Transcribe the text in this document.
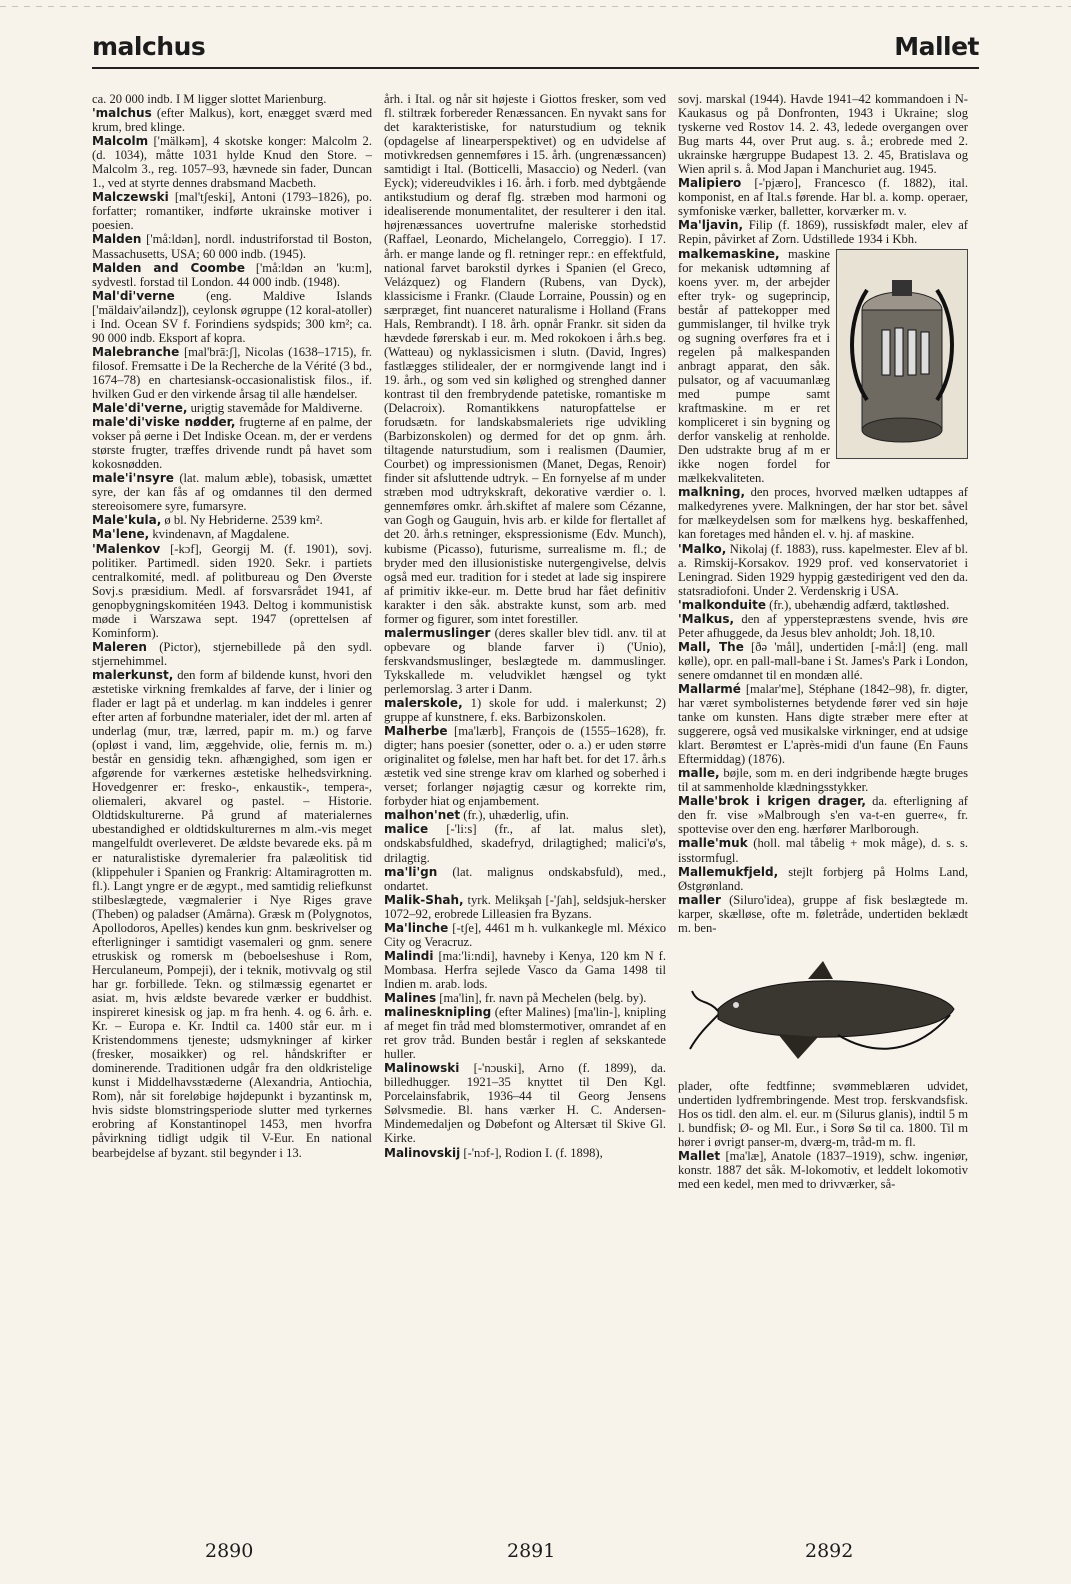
malchus	Mallet

ca. 20 000 indb. I M ligger slottet Marienburg.

'malchus (efter Malkus), kort, enægget sværd med krum, bred klinge.

Malcolm ['mälkəm], 4 skotske konger: Malcolm 2. (d. 1034), måtte 1031 hylde Knud den Store. – Malcolm 3., reg. 1057–93, hævnede sin fader, Duncan 1., ved at styrte dennes drabsmand Macbeth.

Malczewski [mal'tʃeski], Antoni (1793–1826), po. forfatter; romantiker, indførte ukrainske motiver i poesien.

Malden ['må:ldən], nordl. industriforstad til Boston, Massachusetts, USA; 60 000 indb. (1945).

Malden and Coombe ['må:ldən ən 'ku:m], sydvestl. forstad til London. 44 000 indb. (1948).

Mal'di'verne (eng. Maldive Islands ['mäldaiv'ailəndz]), ceylonsk øgruppe (12 koral-atoller) i Ind. Ocean SV f. Forindiens sydspids; 300 km²; ca. 90 000 indb. Eksport af kopra.

Malebranche [mal'brā:ʃ], Nicolas (1638–1715), fr. filosof. Fremsatte i De la Recherche de la Vérité (3 bd., 1674–78) en chartesiansk-occasionalistisk filos., if. hvilken Gud er den virkende årsag til alle hændelser.

Male'di'verne, urigtig stavemåde for Maldiverne.

male'di'viske nødder, frugterne af en palme, der vokser på øerne i Det Indiske Ocean. m, der er verdens største frugter, træffes drivende rundt på havet som kokosnødden.

male'i'nsyre (lat. malum æble), tobasisk, umættet syre, der kan fås af og omdannes til den dermed stereoisomere syre, fumarsyre.

Male'kula, ø bl. Ny Hebriderne. 2539 km².

Ma'lene, kvindenavn, af Magdalene.

'Malenkov [-kɔf], Georgij M. (f. 1901), sovj. politiker. Partimedl. siden 1920. Sekr. i partiets centralkomité, medl. af politbureau og Den Øverste Sovj.s præsidium. Medl. af forsvarsrådet 1941, af genopbygningskomitéen 1943. Deltog i kommunistisk møde i Warszawa sept. 1947 (oprettelsen af Kominform).

Maleren (Pictor), stjernebillede på den sydl. stjernehimmel.

malerkunst, den form af bildende kunst, hvori den æstetiske virkning fremkaldes af farve, der i linier og flader er lagt på et underlag. m kan inddeles i genrer efter arten af forbundne materialer, idet der ml. arten af underlag (mur, træ, lærred, papir m. m.) og farve (opløst i vand, lim, æggehvide, olie, fernis m. m.) består en gensidig tekn. afhængighed, som igen er afgørende for værkernes æstetiske helhedsvirkning. Hovedgenrer er: fresko-, enkaustik-, tempera-, oliemaleri, akvarel og pastel. – Historie. Oldtidskulturerne. På grund af materialernes ubestandighed er oldtidskulturernes m alm.-vis meget mangelfuldt overleveret. De ældste bevarede eks. på m er naturalistiske dyremalerier fra palæolitisk tid (klippehuler i Spanien og Frankrig: Altamiragrotten m. fl.). Langt yngre er de ægypt., med samtidig reliefkunst stilbeslægtede, vægmalerier i Nye Riges grave (Theben) og paladser (Amârna). Græsk m (Polygnotos, Apollodoros, Apelles) kendes kun gnm. beskrivelser og efterligninger i samtidigt vasemaleri og gnm. senere etruskisk og romersk m (beboelseshuse i Rom, Herculaneum, Pompeji), der i teknik, motivvalg og stil har gr. forbillede. Tekn. og stilmæssig egenartet er asiat. m, hvis ældste bevarede værker er buddhist. inspireret kinesisk og jap. m fra henh. 4. og 6. årh. e. Kr. – Europa e. Kr. Indtil ca. 1400 står eur. m i Kristendommens tjeneste; udsmykninger af kirker (fresker, mosaikker) og rel. håndskrifter er dominerende. Traditionen udgår fra den oldkristelige kunst i Middelhavsstæderne (Alexandria, Antiochia, Rom), når sit foreløbige højdepunkt i byzantinsk m, hvis sidste blomstringsperiode slutter med tyrkernes erobring af Konstantinopel 1453, men hvorfra påvirkning tidligt udgik til V-Eur. En national bearbejdelse af byzant. stil begynder i 13.

årh. i Ital. og når sit højeste i Giottos fresker, som ved fl. stiltræk forbereder Renæssancen. En nyvakt sans for det karakteristiske, for naturstudium og teknik (opdagelse af linearperspektivet) og en udvidelse af motivkredsen gennemføres i 15. årh. (ungrenæssancen) samtidigt i Ital. (Botticelli, Masaccio) og Nederl. (van Eyck); videreudvikles i 16. årh. i forb. med dybtgående antikstudium og deraf flg. stræben mod harmoni og idealiserende monumentalitet, der resulterer i den ital. højrenæssances uovertrufne maleriske storhedstid (Raffael, Leonardo, Michelangelo, Correggio). I 17. årh. er mange lande og fl. retninger repr.: en effektfuld, national farvet barokstil dyrkes i Spanien (el Greco, Velázquez) og Flandern (Rubens, van Dyck), klassicisme i Frankr. (Claude Lorraine, Poussin) og en særpræget, fint nuanceret naturalisme i Holland (Frans Hals, Rembrandt). I 18. årh. opnår Frankr. sit siden da hævdede førerskab i eur. m. Med rokokoen i årh.s beg. (Watteau) og nyklassicismen i slutn. (David, Ingres) fastlægges stilidealer, der er normgivende langt ind i 19. årh., og som ved sin kølighed og strenghed danner kontrast til den frembrydende patetiske, romantiske m (Delacroix). Romantikkens naturopfattelse er forudsætn. for landskabsmaleriets rige udvikling (Barbizonskolen) og dermed for det op gnm. årh. tiltagende naturstudium, som i realismen (Daumier, Courbet) og impressionismen (Manet, Degas, Renoir) finder sit afsluttende udtryk. – En fornyelse af m under stræben mod udtrykskraft, dekorative værdier o. l. gennemføres omkr. årh.skiftet af malere som Cézanne, van Gogh og Gauguin, hvis arb. er kilde for flertallet af det 20. årh.s retninger, ekspressionisme (Edv. Munch), kubisme (Picasso), futurisme, surrealisme m. fl.; de bryder med den illusionistiske nutergengivelse, delvis også med eur. tradition for i stedet at lade sig inspirere af primitiv ikke-eur. m. Dette brud har fået definitiv karakter i den såk. abstrakte kunst, som arb. med former og figurer, som intet forestiller.

malermuslinger (deres skaller blev tidl. anv. til at opbevare og blande farver i) ('Unio), ferskvandsmuslinger, beslægtede m. dammuslinger. Tykskallede m. veludviklet hængsel og tykt perlemorslag. 3 arter i Danm.

malerskole, 1) skole for udd. i malerkunst; 2) gruppe af kunstnere, f. eks. Barbizonskolen.

Malherbe [ma'lærb], François de (1555–1628), fr. digter; hans poesier (sonetter, oder o. a.) er uden større originalitet og følelse, men har haft bet. for det 17. årh.s æstetik ved sine strenge krav om klarhed og soberhed i verset; forlanger nøjagtig cæsur og korrekte rim, forbyder hiat og enjambement.

malhon'net (fr.), uhæderlig, ufin.

malice [-'li:s] (fr., af lat. malus slet), ondskabsfuldhed, skadefryd, drilagtighed; malici'ø's, drilagtig.

ma'li'gn (lat. malignus ondskabsfuld), med., ondartet.

Malik-Shah, tyrk. Melikşah [-'ʃah], seldsjuk-hersker 1072–92, erobrede Lilleasien fra Byzans.

Ma'linche [-tʃe], 4461 m h. vulkankegle ml. México City og Veracruz.

Malindi [ma:'li:ndi], havneby i Kenya, 120 km N f. Mombasa. Herfra sejlede Vasco da Gama 1498 til Indien m. arab. lods.

Malines [ma'lin], fr. navn på Mechelen (belg. by).

malinesknipling (efter Malines) [ma'lin-], knipling af meget fin tråd med blomstermotiver, omrandet af en ret grov tråd. Bunden består i reglen af sekskantede huller.

Malinowski [-'nɔuski], Arno (f. 1899), da. billedhugger. 1921–35 knyttet til Den Kgl. Porcelainsfabrik, 1936–44 til Georg Jensens Sølvsmedie. Bl. hans værker H. C. Andersen-Mindemedaljen og Døbefont og Altersæt til Skive Gl. Kirke.

Malinovskij [-'nɔf-], Rodion I. (f. 1898),

sovj. marskal (1944). Havde 1941–42 kommandoen i N-Kaukasus og på Donfronten, 1943 i Ukraine; slog tyskerne ved Rostov 14. 2. 43, ledede overgangen over Bug marts 44, over Prut aug. s. å.; erobrede med 2. ukrainske hærgruppe Budapest 13. 2. 45, Bratislava og Wien april s. å. Mod Japan i Manchuriet aug. 1945.

Malipiero [-'pjæro], Francesco (f. 1882), ital. komponist, en af Ital.s førende. Har bl. a. komp. operaer, symfoniske værker, balletter, korværker m. v.

Ma'ljavin, Filip (f. 1869), russiskfødt maler, elev af Repin, påvirket af Zorn. Udstillede 1934 i Kbh.

malkemaskine, maskine for mekanisk udtømning af koens yver. m, der arbejder efter tryk- og sugeprincip, består af pattekopper med gummislanger, til hvilke tryk og sugning overføres fra et i regelen på malkespanden anbragt apparat, den såk. pulsator, og af vacuumanlæg med pumpe samt kraftmaskine. m er ret kompliceret i sin bygning og derfor vanskelig at renholde. Den udstrakte brug af m er ikke nogen fordel for mælkekvaliteten.

malkning, den proces, hvorved mælken udtappes af malkedyrenes yvere. Malkningen, der har stor bet. såvel for mælkeydelsen som for mælkens hyg. beskaffenhed, kan foretages med hånden el. v. hj. af maskine.

'Malko, Nikolaj (f. 1883), russ. kapelmester. Elev af bl. a. Rimskij-Korsakov. 1929 prof. ved konservatoriet i Leningrad. Siden 1929 hyppig gæstedirigent ved den da. statsradiofoni. Under 2. Verdenskrig i USA.

'malkonduite (fr.), ubehændig adfærd, taktløshed.

'Malkus, den af ypperstepræstens svende, hvis øre Peter afhuggede, da Jesus blev anholdt; Joh. 18,10.

Mall, The [ðə 'mål], undertiden [-må:l] (eng. mall kølle), opr. en pall-mall-bane i St. James's Park i London, senere omdannet til en mondæn allé.

Mallarmé [malar'me], Stéphane (1842–98), fr. digter, har været symbolisternes betydende fører ved sin høje tanke om kunsten. Hans digte stræber mere efter at suggerere, også ved musikalske virkninger, end at udsige klart. Berømtest er L'après-midi d'un faune (En Fauns Eftermiddag) (1876).

malle, bøjle, som m. en deri indgribende hægte bruges til at sammenholde klædningsstykker.

Malle'brok i krigen drager, da. efterligning af den fr. vise »Malbrough s'en va-t-en guerre«, fr. spottevise over den eng. hærfører Marlborough.

malle'muk (holl. mal tåbelig + mok måge), d. s. s. isstormfugl.

Mallemukfjeld, stejlt forbjerg på Holms Land, Østgrønland.

maller (Siluro'idea), gruppe af fisk beslægtede m. karper, skælløse, ofte m. føletråde, undertiden beklædt m. ben-

plader, ofte fedtfinne; svømmeblæren udvidet, undertiden lydfrembringende. Mest trop. ferskvandsfisk. Hos os tidl. den alm. el. eur. m (Silurus glanis), indtil 5 m l. bundfisk; Ø- og Ml. Eur., i Sorø Sø til ca. 1800. Til m hører i øvrigt panser-m, dværg-m, tråd-m m. fl.

Mallet [ma'læ], Anatole (1837–1919), schw. ingeniør, konstr. 1887 det såk. M-lokomotiv, et leddelt lokomotiv med een kedel, men med to drivværker, så-

2890	2891	2892
